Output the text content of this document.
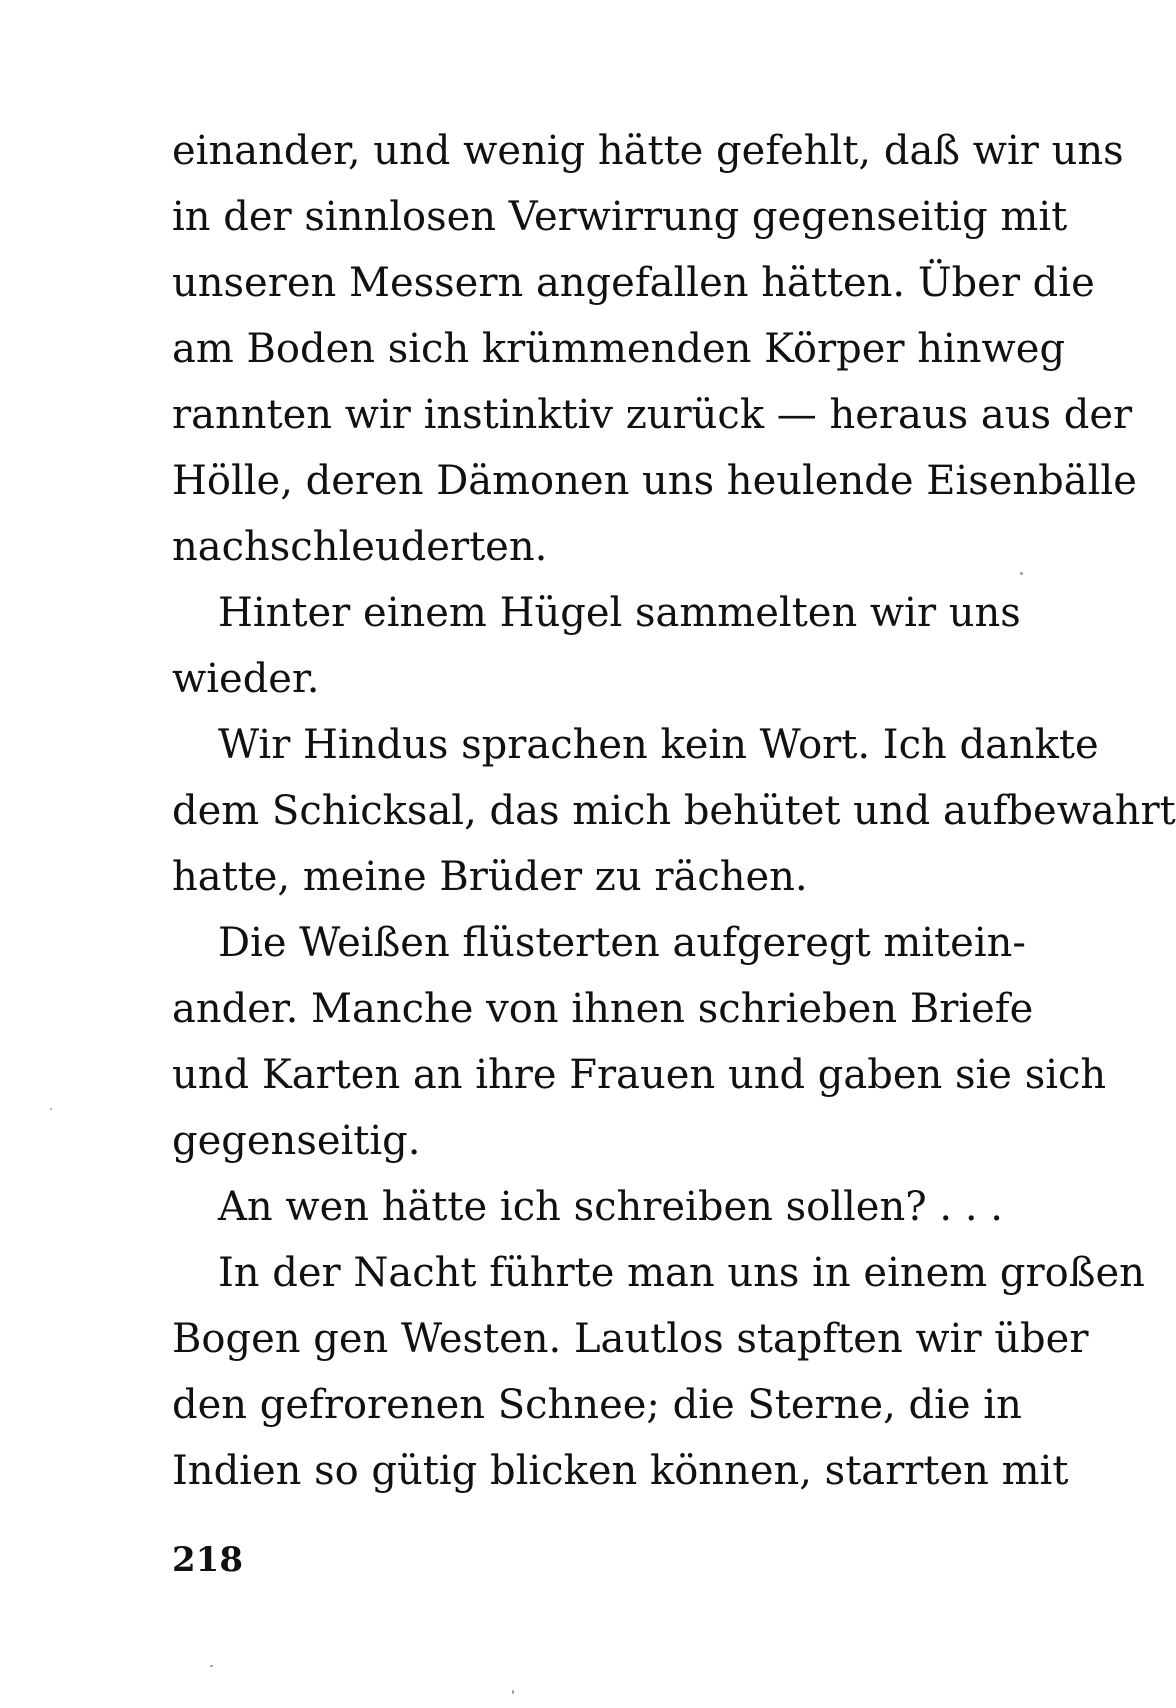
einander, und wenig hätte gefehlt, daß wir uns
in der sinnlosen Verwirrung gegenseitig mit
unseren Messern angefallen hätten. Über die
am Boden sich krümmenden Körper hinweg
rannten wir instinktiv zurück — heraus aus der
Hölle, deren Dämonen uns heulende Eisenbälle
nachschleuderten.
Hinter einem Hügel sammelten wir uns
wieder.
Wir Hindus sprachen kein Wort. Ich dankte
dem Schicksal, das mich behütet und aufbewahrt
hatte, meine Brüder zu rächen.
Die Weißen flüsterten aufgeregt mitein-
ander. Manche von ihnen schrieben Briefe
und Karten an ihre Frauen und gaben sie sich
gegenseitig.
An wen hätte ich schreiben sollen? . . .
In der Nacht führte man uns in einem großen
Bogen gen Westen. Lautlos stapften wir über
den gefrorenen Schnee; die Sterne, die in
Indien so gütig blicken können, starrten mit
218
